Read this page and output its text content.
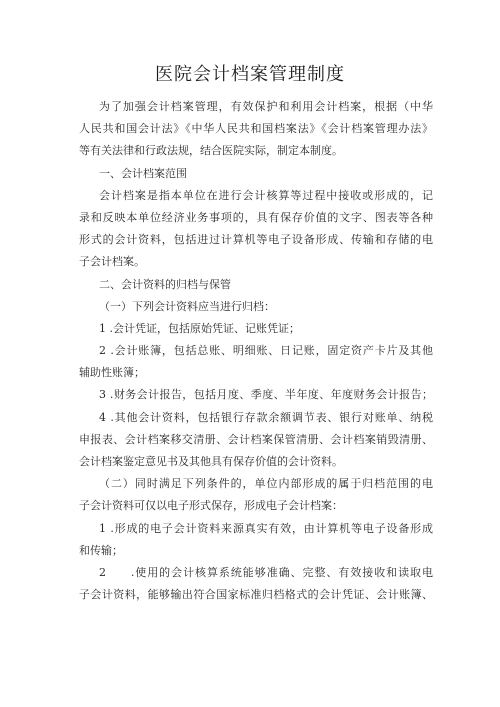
医院会计档案管理制度
为了加强会计档案管理，有效保护和利用会计档案，根据（中华
人民共和国会计法》《中华人民共和国档案法》《会计档案管理办法》
等有关法律和行政法规，结合医院实际，制定本制度。
一、会计档案范围
会计档案是指本单位在进行会计核算等过程中接收或形成的，记
录和反映本单位经济业务事项的，具有保存价值的文字、图表等各种
形式的会计资料，包括进过计算机等电子设备形成、传输和存储的电
子会计档案。
二、会计资料的归档与保管
（一）下列会计资料应当进行归档：
1 .会计凭证，包括原始凭证、记账凭证；
2 .会计账簿，包括总账、明细账、日记账，固定资产卡片及其他
辅助性账簿；
3 .财务会计报告，包括月度、季度、半年度、年度财务会计报告；
4 .其他会计资料，包括银行存款余额调节表、银行对账单、纳税
申报表、会计档案移交清册、会计档案保管清册、会计档案销毁清册、
会计档案鉴定意见书及其他具有保存价值的会计资料。
（二）同时满足下列条件的，单位内部形成的属于归档范围的电
子会计资料可仅以电子形式保存，形成电子会计档案：
1 .形成的电子会计资料来源真实有效，由计算机等电子设备形成
和传输；
2　　.使用的会计核算系统能够准确、完整、有效接收和读取电
子会计资料，能够输出符合国家标准归档格式的会计凭证、会计账簿、
